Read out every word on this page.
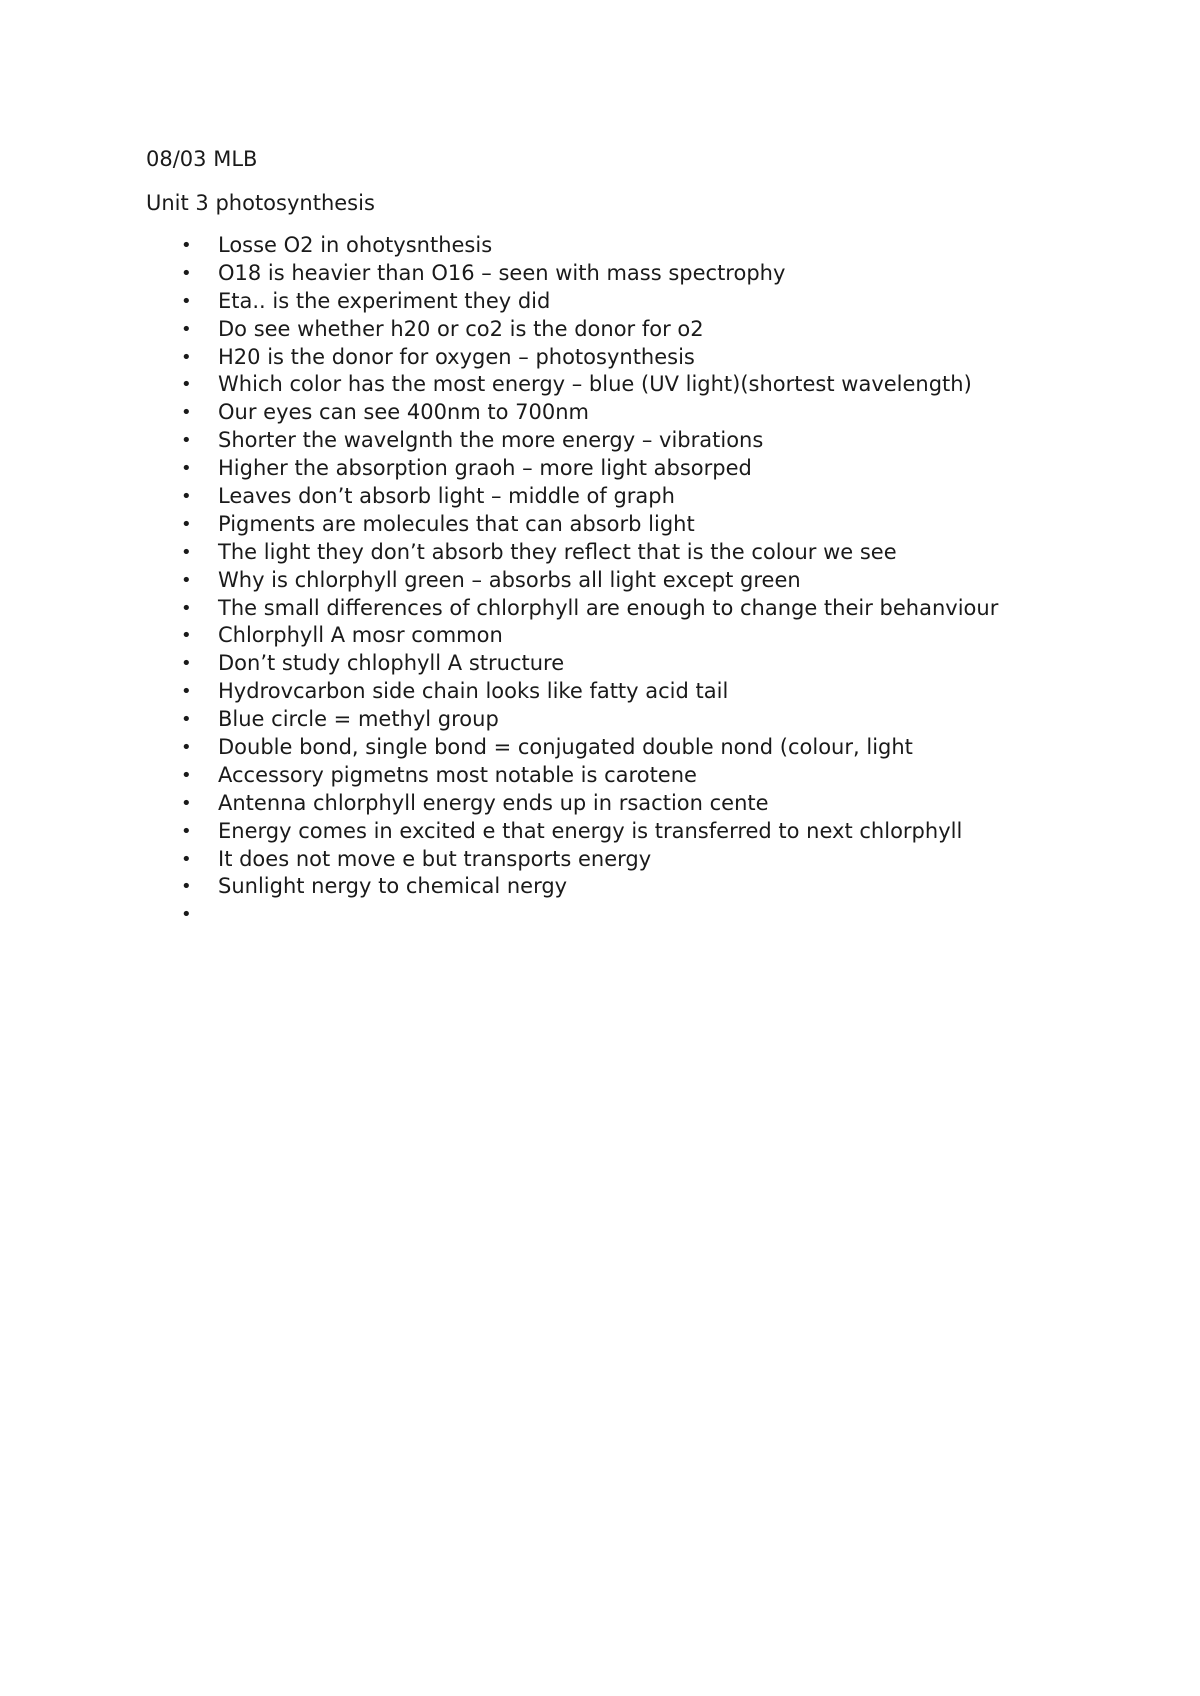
08/03 MLB
Unit 3 photosynthesis
• Losse O2 in ohotysnthesis
• O18 is heavier than O16 – seen with mass spectrophy
• Eta.. is the experiment they did
• Do see whether h20 or co2 is the donor for o2
• H20 is the donor for oxygen – photosynthesis
• Which color has the most energy – blue (UV light)(shortest wavelength)
• Our eyes can see 400nm to 700nm
• Shorter the wavelgnth the more energy – vibrations
• Higher the absorption graoh – more light absorped
• Leaves don’t absorb light – middle of graph
• Pigments are molecules that can absorb light
• The light they don’t absorb they reflect that is the colour we see
• Why is chlorphyll green – absorbs all light except green
• The small differences of chlorphyll are enough to change their behanviour
• Chlorphyll A mosr common
• Don’t study chlophyll A structure
• Hydrovcarbon side chain looks like fatty acid tail
• Blue circle = methyl group
• Double bond, single bond = conjugated double nond (colour, light
• Accessory pigmetns most notable is carotene
• Antenna chlorphyll energy ends up in rsaction cente
• Energy comes in excited e that energy is transferred to next chlorphyll
• It does not move e but transports energy
• Sunlight nergy to chemical nergy
•
